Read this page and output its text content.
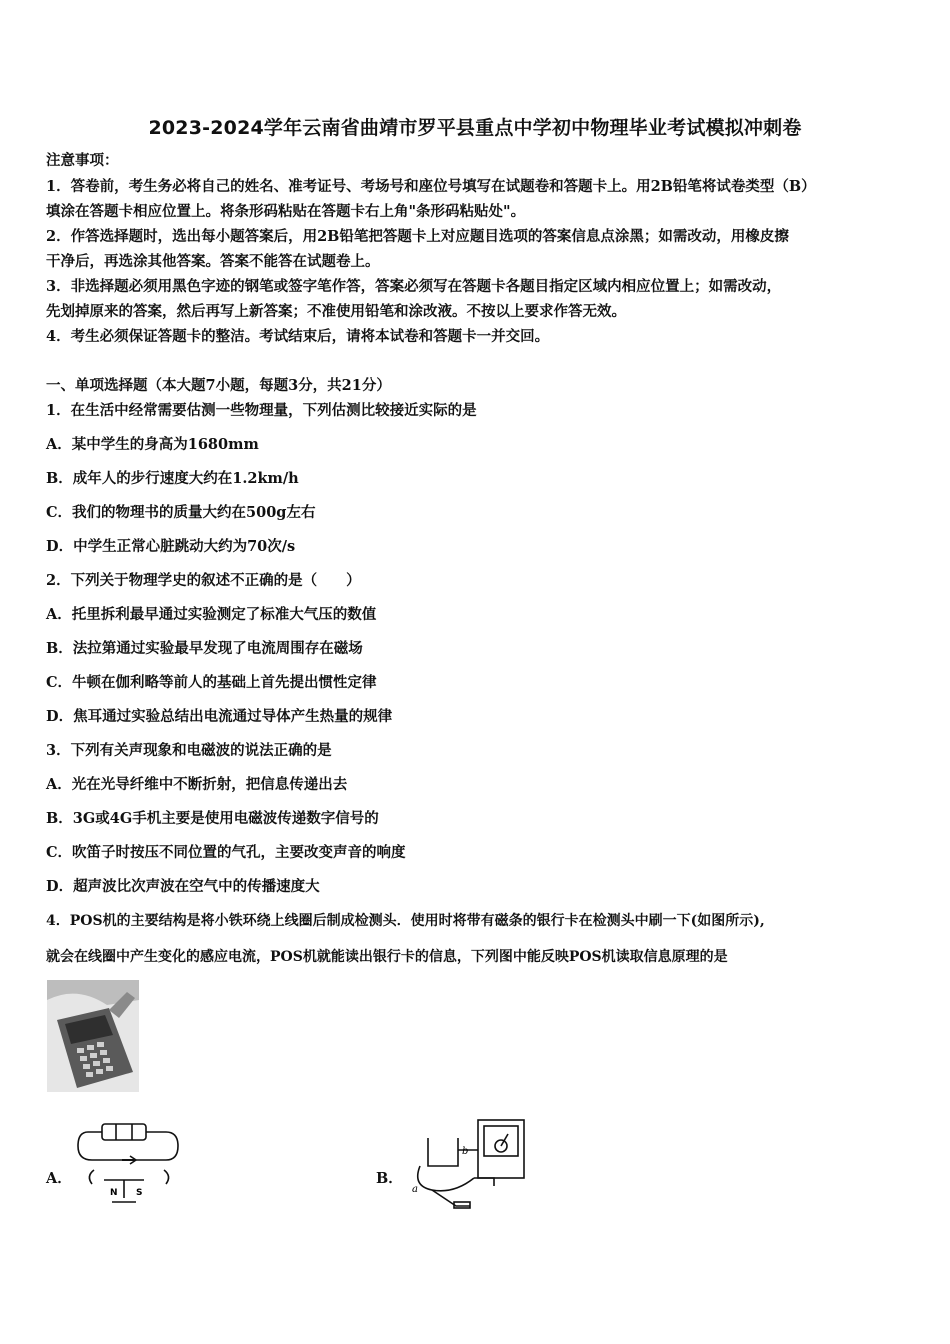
2023-2024学年云南省曲靖市罗平县重点中学初中物理毕业考试模拟冲刺卷
注意事项：
1．答卷前，考生务必将自己的姓名、准考证号、考场号和座位号填写在试题卷和答题卡上。用2B铅笔将试卷类型（B）
填涂在答题卡相应位置上。将条形码粘贴在答题卡右上角"条形码粘贴处"。
2．作答选择题时，选出每小题答案后，用2B铅笔把答题卡上对应题目选项的答案信息点涂黑；如需改动，用橡皮擦
干净后，再选涂其他答案。答案不能答在试题卷上。
3．非选择题必须用黑色字迹的钢笔或签字笔作答，答案必须写在答题卡各题目指定区域内相应位置上；如需改动，
先划掉原来的答案，然后再写上新答案；不准使用铅笔和涂改液。不按以上要求作答无效。
4．考生必须保证答题卡的整洁。考试结束后，请将本试卷和答题卡一并交回。
一、单项选择题（本大题7小题，每题3分，共21分）
1．在生活中经常需要估测一些物理量，下列估测比较接近实际的是
A．某中学生的身高为1680mm
B．成年人的步行速度大约在1.2km/h
C．我们的物理书的质量大约在500g左右
D．中学生正常心脏跳动大约为70次/s
2．下列关于物理学史的叙述不正确的是（　　）
A．托里拆利最早通过实验测定了标准大气压的数值
B．法拉第通过实验最早发现了电流周围存在磁场
C．牛顿在伽利略等前人的基础上首先提出惯性定律
D．焦耳通过实验总结出电流通过导体产生热量的规律
3．下列有关声现象和电磁波的说法正确的是
A．光在光导纤维中不断折射，把信息传递出去
B．3G或4G手机主要是使用电磁波传递数字信号的
C．吹笛子时按压不同位置的气孔，主要改变声音的响度
D．超声波比次声波在空气中的传播速度大
4．POS机的主要结构是将小铁环绕上线圈后制成检测头．使用时将带有磁条的银行卡在检测头中刷一下(如图所示),
就会在线圈中产生变化的感应电流，POS机就能读出银行卡的信息，下列图中能反映POS机读取信息原理的是
A．
N S
B．
b
a
